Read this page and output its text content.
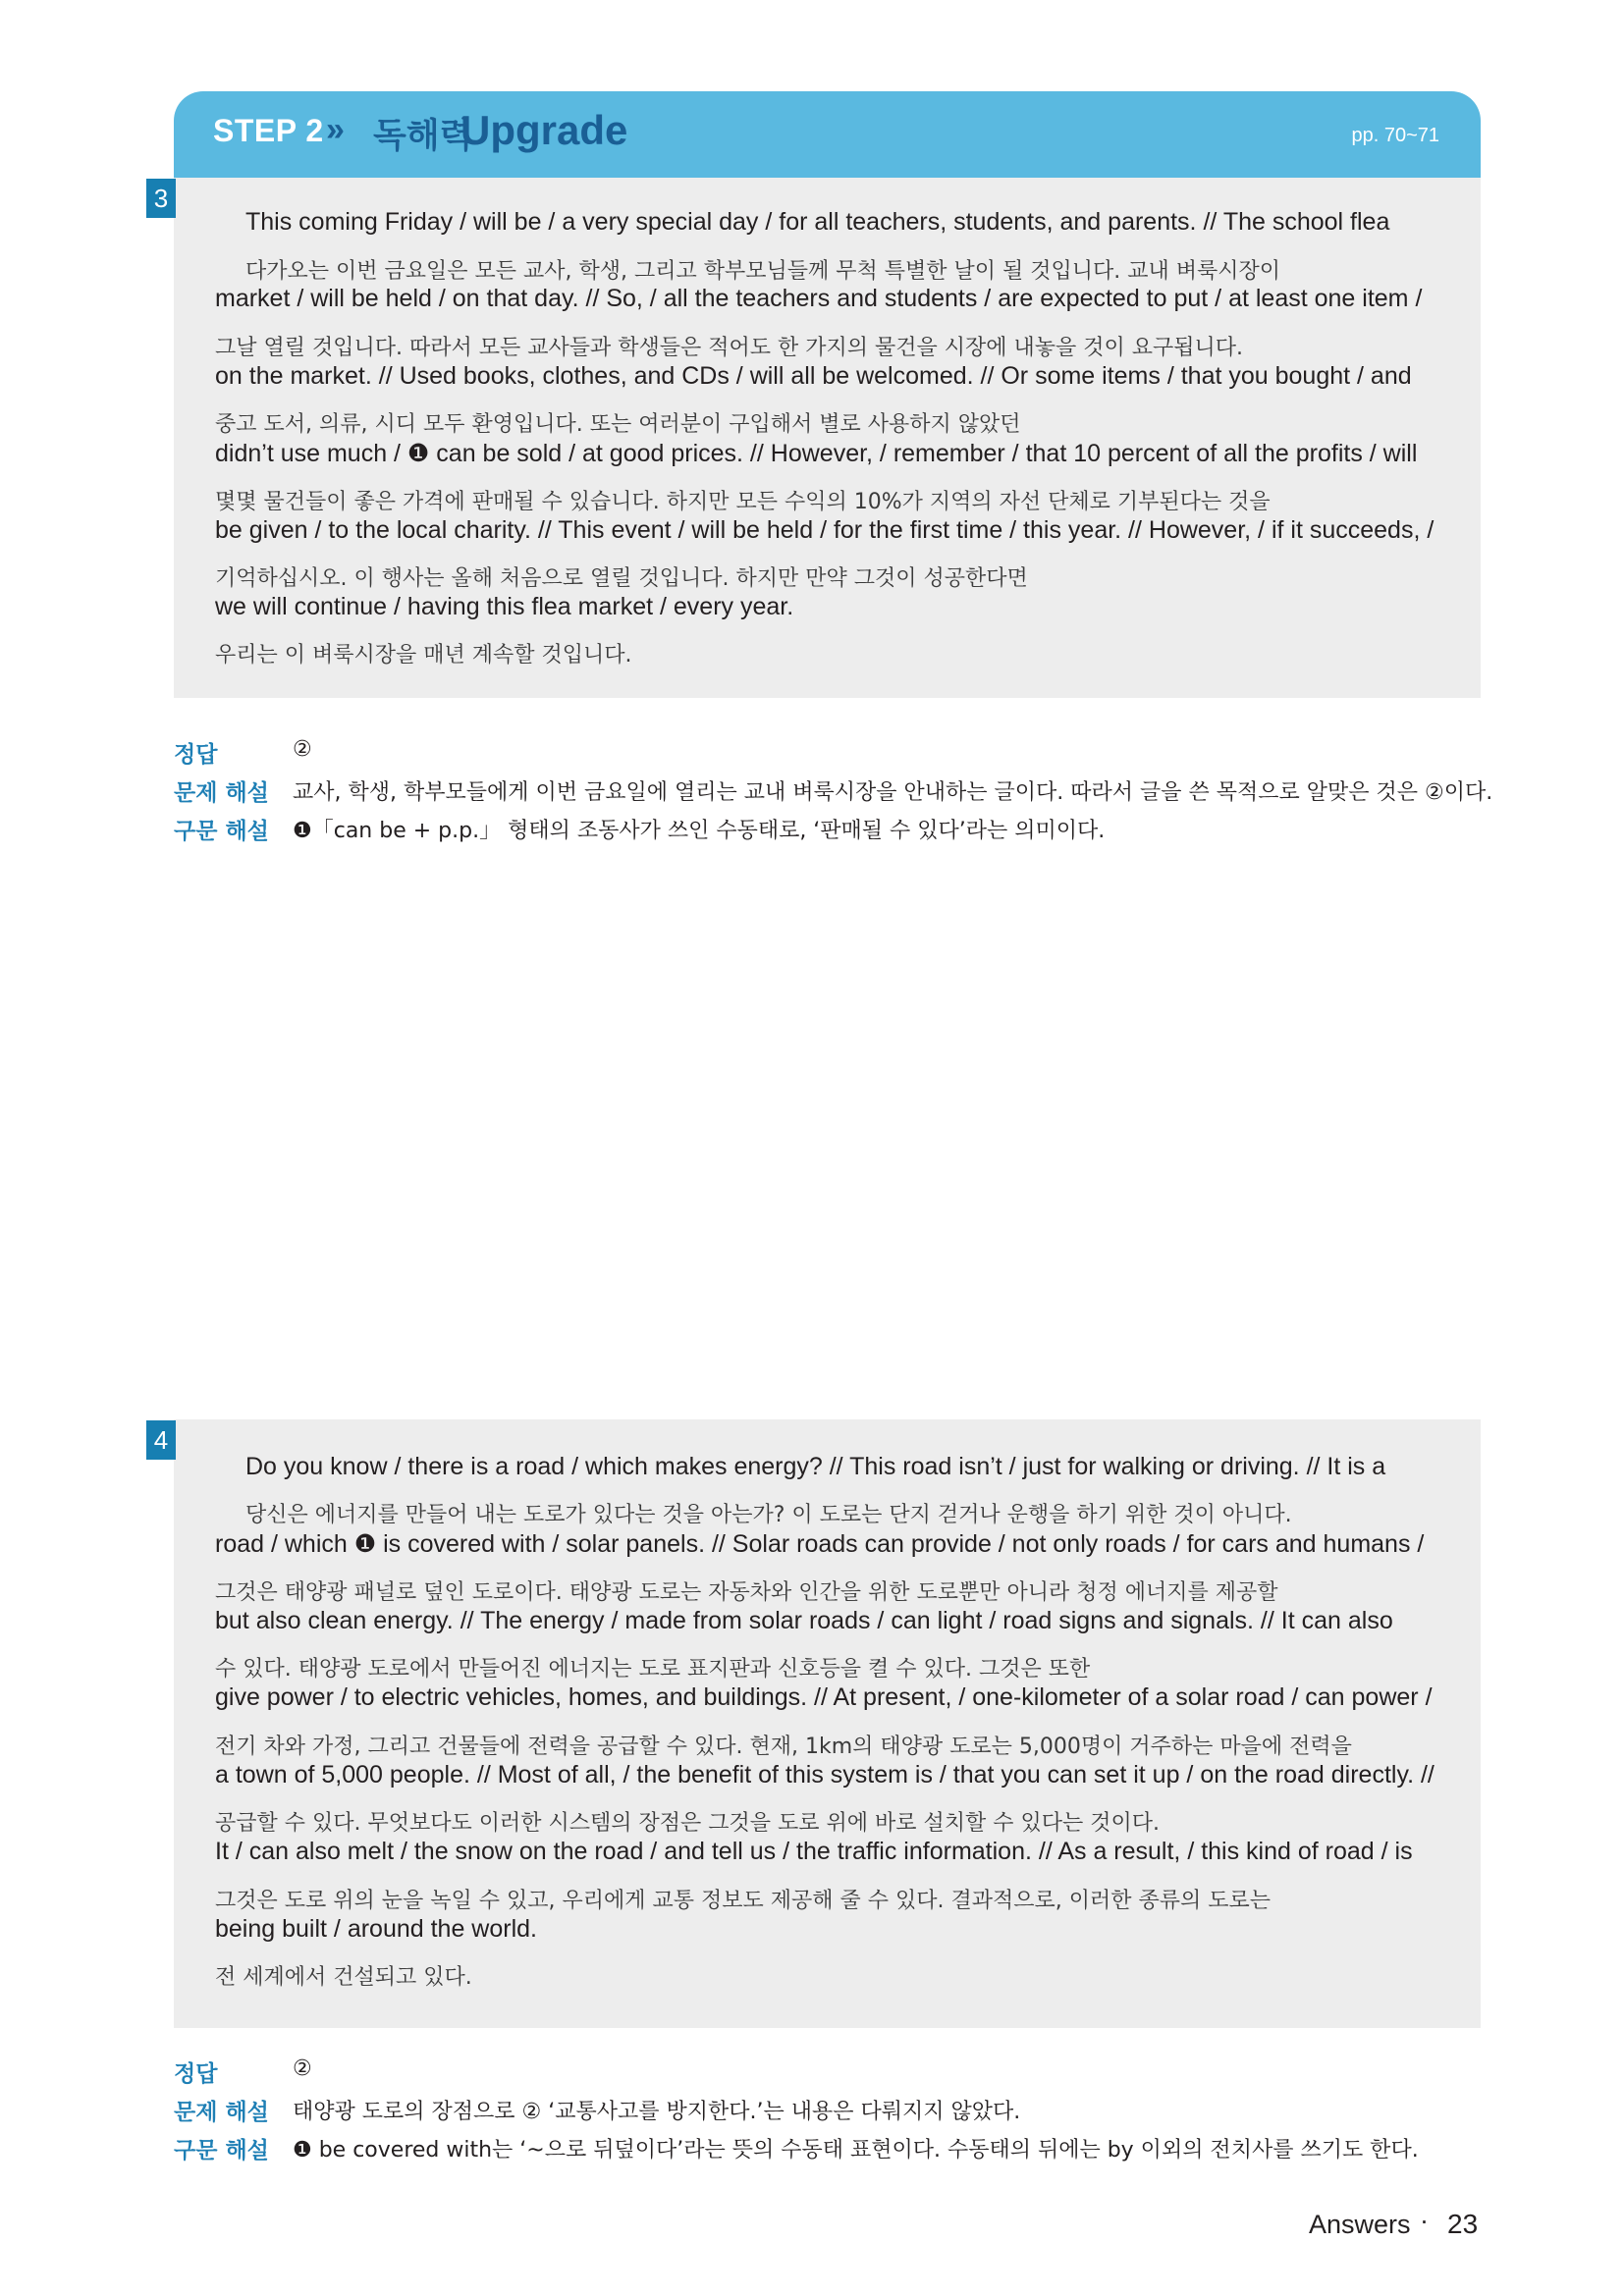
STEP 2 » 독해력
Upgrade	pp. 70~71
3
This coming Friday / will be / a very special day / for all teachers, students, and parents. // The school flea
다가오는 이번 금요일은 모든 교사, 학생, 그리고 학부모님들께 무척 특별한 날이 될 것입니다. 교내 벼룩시장이
market / will be held / on that day. // So, / all the teachers and students / are expected to put / at least one item /
그날 열릴 것입니다. 따라서 모든 교사들과 학생들은 적어도 한 가지의 물건을 시장에 내놓을 것이 요구됩니다.
on the market. // Used books, clothes, and CDs / will all be welcomed. // Or some items / that you bought / and
중고 도서, 의류, 시디 모두 환영입니다. 또는 여러분이 구입해서 별로 사용하지 않았던
didn’t use much / ❶ can be sold / at good prices. // However, / remember / that 10 percent of all the profits / will
몇몇 물건들이 좋은 가격에 판매될 수 있습니다. 하지만 모든 수익의 10%가 지역의 자선 단체로 기부된다는 것을
be given / to the local charity. // This event / will be held / for the first time / this year. // However, / if it succeeds, /
기억하십시오. 이 행사는 올해 처음으로 열릴 것입니다. 하지만 만약 그것이 성공한다면
we will continue / having this flea market / every year.
우리는 이 벼룩시장을 매년 계속할 것입니다.
정답	②
문제 해설 교사, 학생, 학부모들에게 이번 금요일에 열리는 교내 벼룩시장을 안내하는 글이다. 따라서 글을 쓴 목적으로 알맞은 것은 ②이다.
구문 해설 ❶「can be + p.p.」 형태의 조동사가 쓰인 수동태로, ‘판매될 수 있다’라는 의미이다.
4
Do you know / there is a road / which makes energy? // This road isn’t / just for walking or driving. // It is a
당신은 에너지를 만들어 내는 도로가 있다는 것을 아는가? 이 도로는 단지 걷거나 운행을 하기 위한 것이 아니다.
road / which ❶ is covered with / solar panels. // Solar roads can provide / not only roads / for cars and humans /
그것은 태양광 패널로 덮인 도로이다. 태양광 도로는 자동차와 인간을 위한 도로뿐만 아니라 청정 에너지를 제공할
but also clean energy. // The energy / made from solar roads / can light / road signs and signals. // It can also
수 있다. 태양광 도로에서 만들어진 에너지는 도로 표지판과 신호등을 켤 수 있다. 그것은 또한
give power / to electric vehicles, homes, and buildings. // At present, / one-kilometer of a solar road / can power /
전기 차와 가정, 그리고 건물들에 전력을 공급할 수 있다. 현재, 1km의 태양광 도로는 5,000명이 거주하는 마을에 전력을
a town of 5,000 people. // Most of all, / the benefit of this system is / that you can set it up / on the road directly. //
공급할 수 있다. 무엇보다도 이러한 시스템의 장점은 그것을 도로 위에 바로 설치할 수 있다는 것이다.
It / can also melt / the snow on the road / and tell us / the traffic information. // As a result, / this kind of road / is
그것은 도로 위의 눈을 녹일 수 있고, 우리에게 교통 정보도 제공해 줄 수 있다. 결과적으로, 이러한 종류의 도로는
being built / around the world.
전 세계에서 건설되고 있다.
정답	②
문제 해설 태양광 도로의 장점으로 ② ‘교통사고를 방지한다.’는 내용은 다뤄지지 않았다.
구문 해설 ❶ be covered with는 ‘~으로 뒤덮이다’라는 뜻의 수동태 표현이다. 수동태의 뒤에는 by 이외의 전치사를 쓰기도 한다.
Answers · 23
